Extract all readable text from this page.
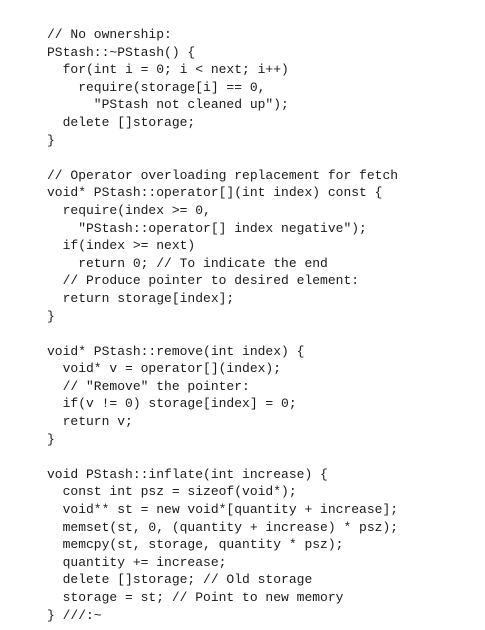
// No ownership:
PStash::~PStash() {
for(int i = 0; i < next; i++)
require(storage[i] == 0,
"PStash not cleaned up");
delete []storage;
}
// Operator overloading replacement for fetch
void* PStash::operator[](int index) const {
require(index >= 0,
"PStash::operator[] index negative");
if(index >= next)
return 0; // To indicate the end
// Produce pointer to desired element:
return storage[index];
}
void* PStash::remove(int index) {
void* v = operator[](index);
// "Remove" the pointer:
if(v != 0) storage[index] = 0;
return v;
}
void PStash::inflate(int increase) {
const int psz = sizeof(void*);
void** st = new void*[quantity + increase];
memset(st, 0, (quantity + increase) * psz);
memcpy(st, storage, quantity * psz);
quantity += increase;
delete []storage; // Old storage
storage = st; // Point to new memory
} ///:~
